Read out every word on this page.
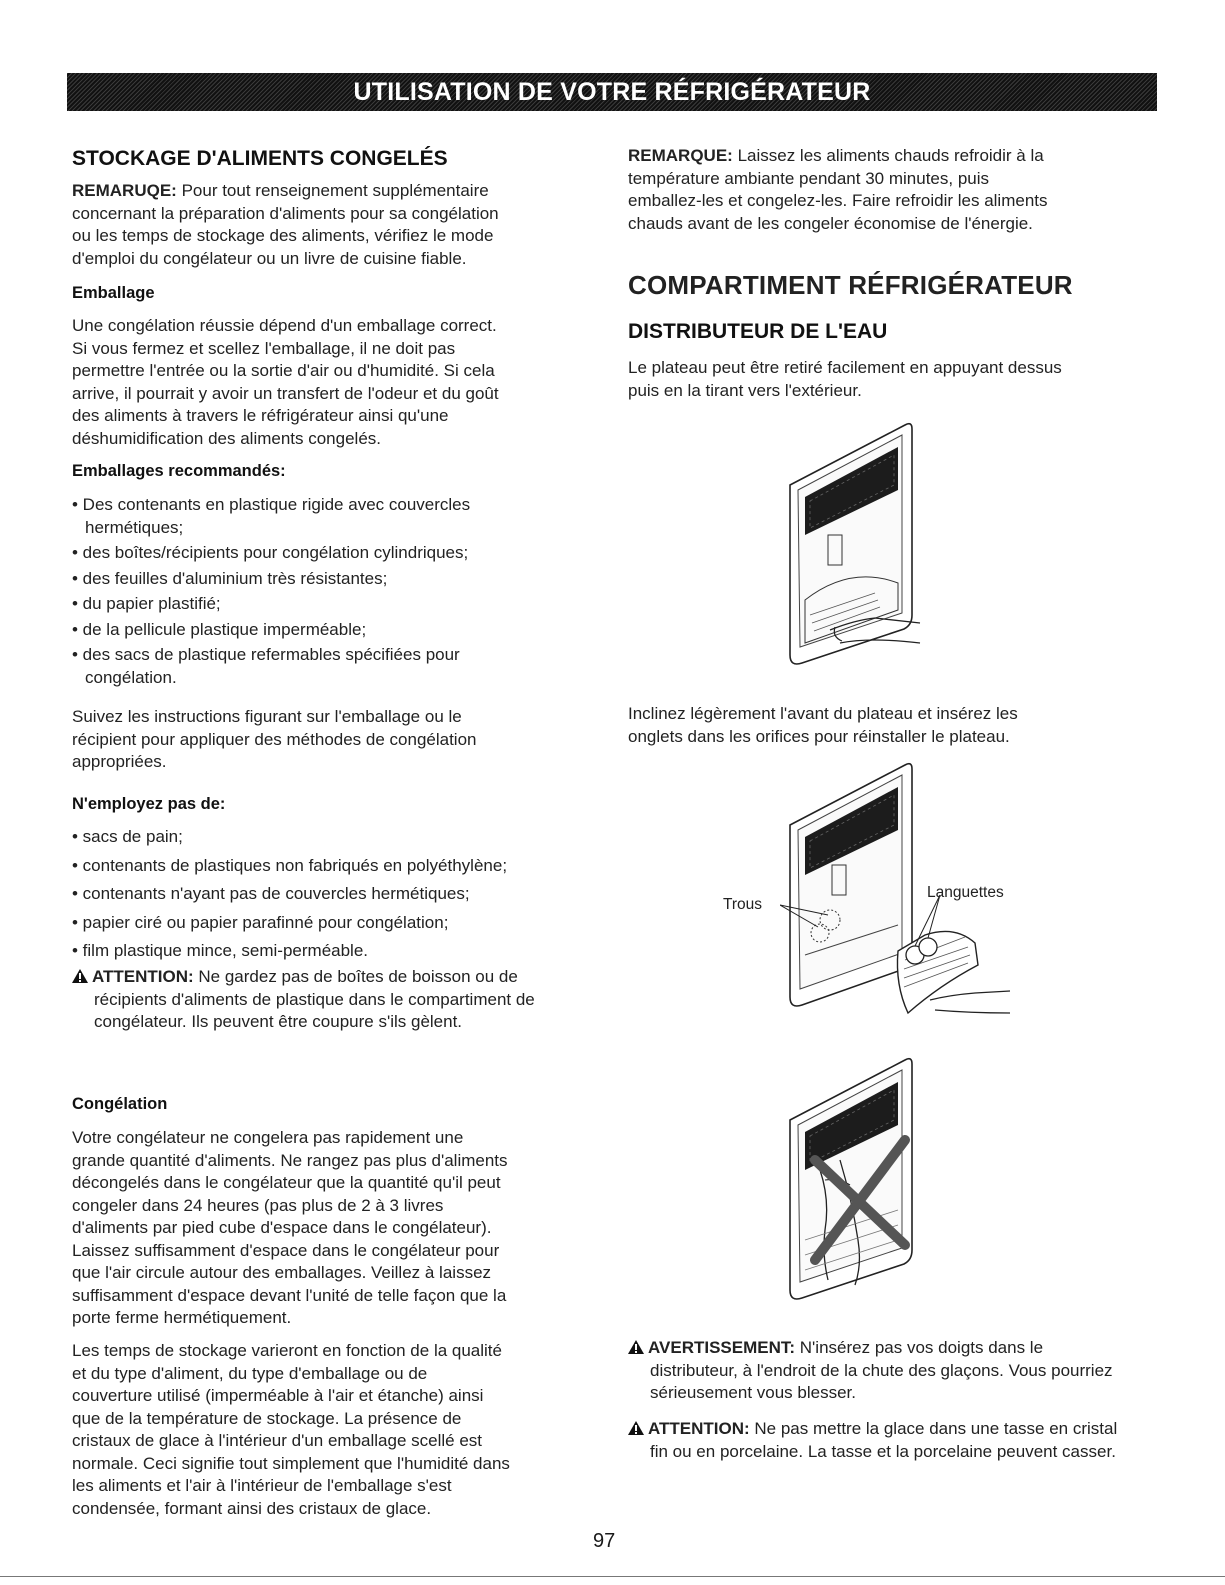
UTILISATION DE VOTRE RÉFRIGÉRATEUR
STOCKAGE D'ALIMENTS CONGELÉS
REMARUQE: Pour tout renseignement supplémentaire
concernant la préparation d'aliments pour sa congélation
ou les temps de stockage des aliments, vérifiez le mode
d'emploi du congélateur ou un livre de cuisine fiable.
Emballage
Une congélation réussie dépend d'un emballage correct.
Si vous fermez et scellez l'emballage, il ne doit pas
permettre l'entrée ou la sortie d'air ou d'humidité. Si cela
arrive, il pourrait y avoir un transfert de l'odeur et du goût
des aliments à travers le réfrigérateur ainsi qu'une
déshumidification des aliments congelés.
Emballages recommandés:
• Des contenants en plastique rigide avec couvercles hermétiques;
• des boîtes/récipients pour congélation cylindriques;
• des feuilles d'aluminium très résistantes;
• du papier plastifié;
• de la pellicule plastique imperméable;
• des sacs de plastique refermables spécifiées pour congélation.
Suivez les instructions figurant sur l'emballage ou le
récipient pour appliquer des méthodes de congélation
appropriées.
N'employez pas de:
• sacs de pain;
• contenants de plastiques non fabriqués en polyéthylène;
• contenants n'ayant pas de couvercles hermétiques;
• papier ciré ou papier parafinné pour congélation;
• film plastique mince, semi-perméable.
ATTENTION: Ne gardez pas de boîtes de boisson ou de récipients d'aliments de plastique dans le compartiment de congélateur. Ils peuvent être coupure s'ils gèlent.
Congélation
Votre congélateur ne congelera pas rapidement une
grande quantité d'aliments. Ne rangez pas plus d'aliments
décongelés dans le congélateur que la quantité qu'il peut
congeler dans 24 heures (pas plus de 2 à 3 livres
d'aliments par pied cube d'espace dans le congélateur).
Laissez suffisamment d'espace dans le congélateur pour
que l'air circule autour des emballages. Veillez à laissez
suffisamment d'espace devant l'unité de telle façon que la
porte ferme hermétiquement.
Les temps de stockage varieront en fonction de la qualité
et du type d'aliment, du type d'emballage ou de
couverture utilisé (imperméable à l'air et étanche) ainsi
que de la température de stockage. La présence de
cristaux de glace à l'intérieur d'un emballage scellé est
normale. Ceci signifie tout simplement que l'humidité dans
les aliments et l'air à l'intérieur de l'emballage s'est
condensée, formant ainsi des cristaux de glace.
REMARQUE: Laissez les aliments chauds refroidir à la
température ambiante pendant 30 minutes, puis
emballez-les et congelez-les. Faire refroidir les aliments
chauds avant de les congeler économise de l'énergie.
COMPARTIMENT RÉFRIGÉRATEUR
DISTRIBUTEUR DE L'EAU
Le plateau peut être retiré facilement en appuyant dessus
puis en la tirant vers l'extérieur.
Inclinez légèrement l'avant du plateau et insérez les
onglets dans les orifices pour réinstaller le plateau.
Trous
Languettes
AVERTISSEMENT: N'insérez pas vos doigts dans le distributeur, à l'endroit de la chute des glaçons. Vous pourriez sérieusement vous blesser.
ATTENTION: Ne pas mettre la glace dans une tasse en cristal fin ou en porcelaine. La tasse et la porcelaine peuvent casser.
97
